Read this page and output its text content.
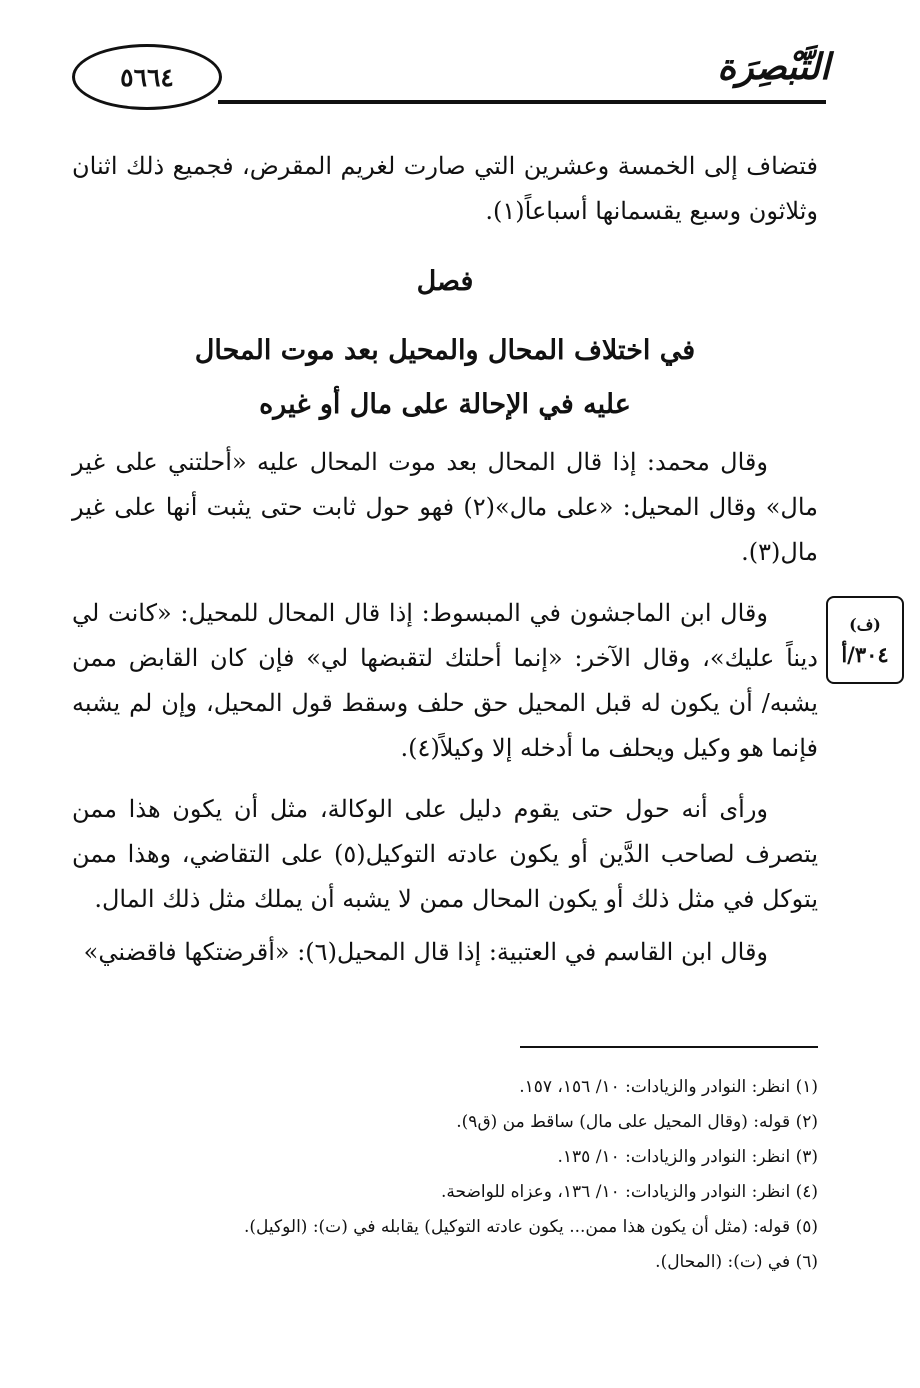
٥٦٦٤	التَّبْصِرَة

فتضاف إلى الخمسة وعشرين التي صارت لغريم المقرض، فجميع ذلك اثنان وثلاثون وسبع يقسمانها أسباعاً(١).

فصل
في اختلاف المحال والمحيل بعد موت المحال
عليه في الإحالة على مال أو غيره

وقال محمد: إذا قال المحال بعد موت المحال عليه «أحلتني على غير مال» وقال المحيل: «على مال»(٢) فهو حول ثابت حتى يثبت أنها على غير مال(٣).

وقال ابن الماجشون في المبسوط: إذا قال المحال للمحيل: «كانت لي ديناً عليك»، وقال الآخر: «إنما أحلتك لتقبضها لي» فإن كان القابض ممن يشبه/ أن يكون له قبل المحيل حق حلف وسقط قول المحيل، وإن لم يشبه فإنما هو وكيل ويحلف ما أدخله إلا وكيلاً(٤).

ورأى أنه حول حتى يقوم دليل على الوكالة، مثل أن يكون هذا ممن يتصرف لصاحب الدَّين أو يكون عادته التوكيل(٥) على التقاضي، وهذا ممن يتوكل في مثل ذلك أو يكون المحال ممن لا يشبه أن يملك مثل ذلك المال.

وقال ابن القاسم في العتبية: إذا قال المحيل(٦): «أقرضتكها فاقضني»

(ف)
٣٠٤/أ
(١) انظر: النوادر والزيادات: ١٠/ ١٥٦، ١٥٧.
(٢) قوله: (وقال المحيل على مال) ساقط من (ق٩).
(٣) انظر: النوادر والزيادات: ١٠/ ١٣٥.
(٤) انظر: النوادر والزيادات: ١٠/ ١٣٦، وعزاه للواضحة.
(٥) قوله: (مثل أن يكون هذا ممن... يكون عادته التوكيل) يقابله في (ت): (الوكيل).
(٦) في (ت): (المحال).
